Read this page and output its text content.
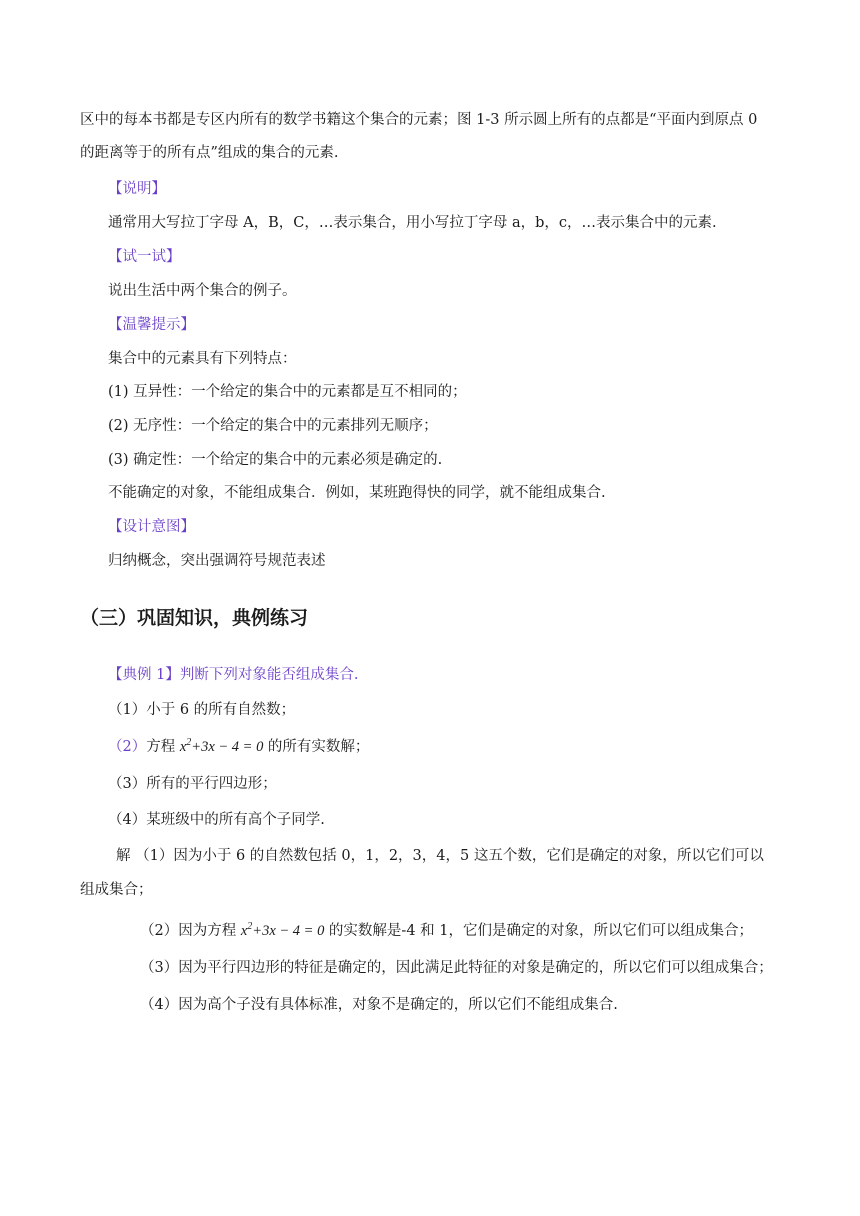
区中的每本书都是专区内所有的数学书籍这个集合的元素；图 1-3 所示圆上所有的点都是“平面内到原点 0
的距离等于的所有点”组成的集合的元素.
【说明】
通常用大写拉丁字母 A，B，C，…表示集合，用小写拉丁字母 a，b，c，…表示集合中的元素.
【试一试】
说出生活中两个集合的例子。
【温馨提示】
集合中的元素具有下列特点：
(1) 互异性：一个给定的集合中的元素都是互不相同的；
(2) 无序性：一个给定的集合中的元素排列无顺序；
(3) 确定性：一个给定的集合中的元素必须是确定的.
不能确定的对象，不能组成集合．例如，某班跑得快的同学，就不能组成集合.
【设计意图】
归纳概念，突出强调符号规范表述
（三）巩固知识，典例练习
【典例 1】判断下列对象能否组成集合.
（1）小于 6 的所有自然数；
（2）方程 $x^2+3x - 4 = 0$ 的所有实数解；
（3）所有的平行四边形；
（4）某班级中的所有高个子同学.
解 （1）因为小于 6 的自然数包括 0，1，2，3，4，5 这五个数，它们是确定的对象，所以它们可以
组成集合；
（2）因为方程 $x^2+3x - 4 = 0$ 的实数解是-4 和 1，它们是确定的对象，所以它们可以组成集合；
（3）因为平行四边形的特征是确定的，因此满足此特征的对象是确定的，所以它们可以组成集合；
（4）因为高个子没有具体标准，对象不是确定的，所以它们不能组成集合.
